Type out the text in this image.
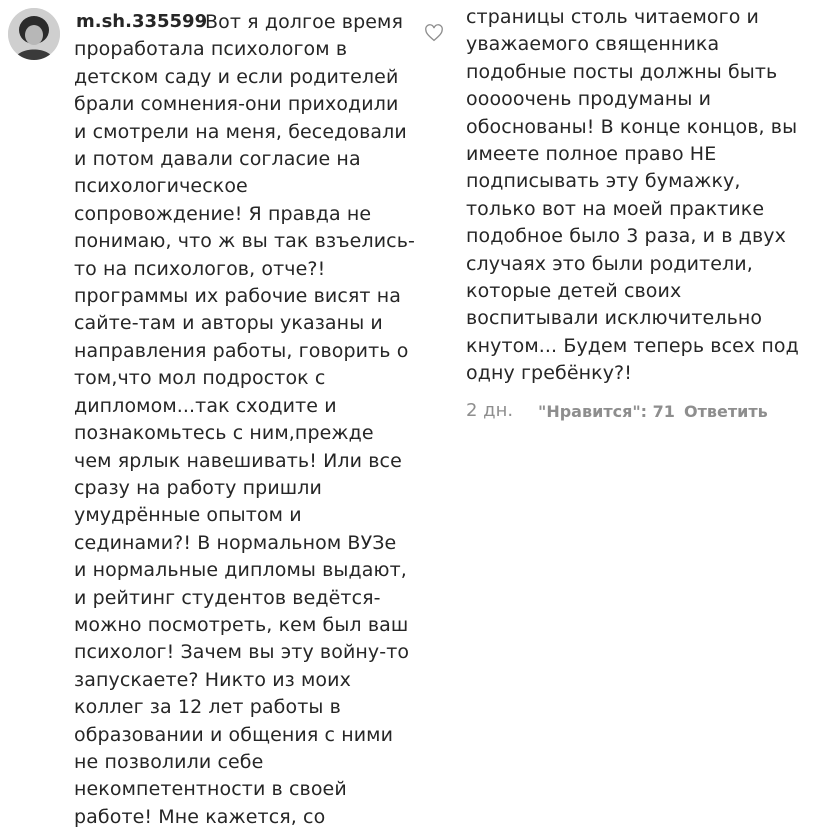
m.sh.335599
Вот я долгое время
проработала психологом в
детском саду и если родителей
брали сомнения-они приходили
и смотрели на меня, беседовали
и потом давали согласие на
психологическое
сопровождение! Я правда не
понимаю, что ж вы так взъелись-
то на психологов, отче?!
программы их рабочие висят на
сайте-там и авторы указаны и
направления работы, говорить о
том,что мол подросток с
дипломом...так сходите и
познакомьтесь с ним,прежде
чем ярлык навешивать! Или все
сразу на работу пришли
умудрённые опытом и
сединами?! В нормальном ВУЗе
и нормальные дипломы выдают,
и рейтинг студентов ведётся-
можно посмотреть, кем был ваш
психолог! Зачем вы эту войну-то
запускаете? Никто из моих
коллег за 12 лет работы в
образовании и общения с ними
не позволили себе
некомпетентности в своей
работе! Мне кажется, со
страницы столь читаемого и
уважаемого священника
подобные посты должны быть
ооооочень продуманы и
обоснованы! В конце концов, вы
имеете полное право НЕ
подписывать эту бумажку,
только вот на моей практике
подобное было 3 раза, и в двух
случаях это были родители,
которые детей своих
воспитывали исключительно
кнутом... Будем теперь всех под
одну гребёнку?!
2 дн. "Нравится": 71 Ответить
